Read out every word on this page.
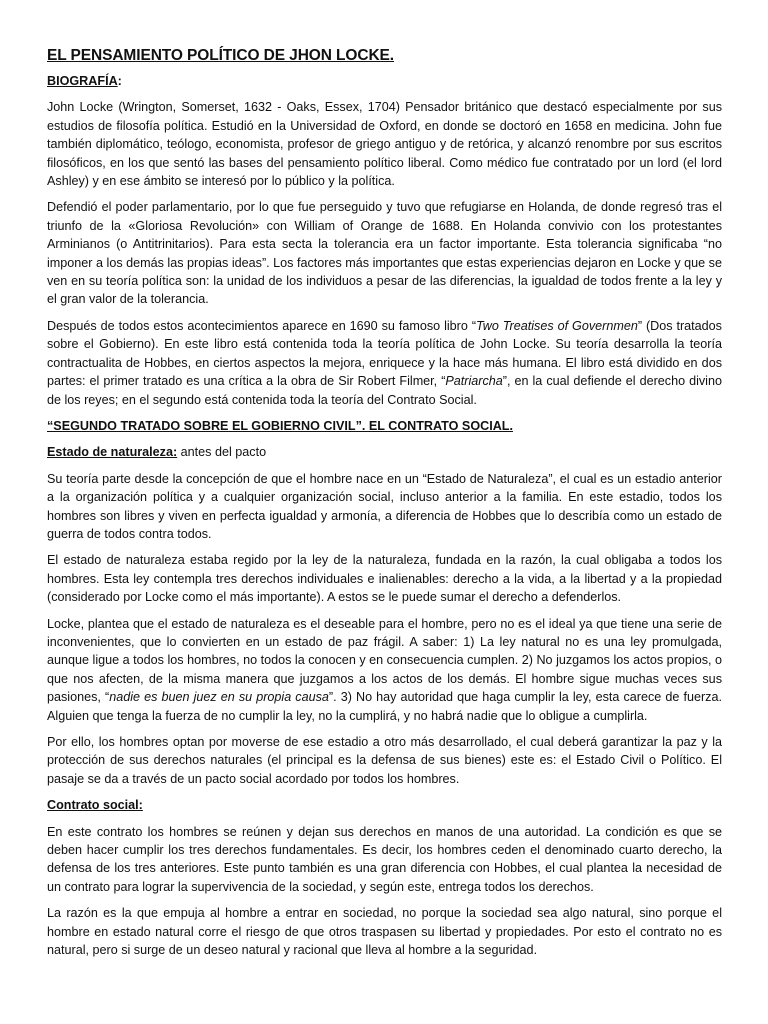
EL PENSAMIENTO POLÍTICO DE JHON LOCKE.
BIOGRAFÍA:

John Locke (Wrington, Somerset, 1632 - Oaks, Essex, 1704) Pensador británico que destacó especialmente por sus estudios de filosofía política. Estudió en la Universidad de Oxford, en donde se doctoró en 1658 en medicina. John fue también diplomático, teólogo, economista, profesor de griego antiguo y de retórica, y alcanzó renombre por sus escritos filosóficos, en los que sentó las bases del pensamiento político liberal. Como médico fue contratado por un lord (el lord Ashley) y en ese ámbito se interesó por lo público y la política.

Defendió el poder parlamentario, por lo que fue perseguido y tuvo que refugiarse en Holanda, de donde regresó tras el triunfo de la «Gloriosa Revolución» con William of Orange de 1688. En Holanda convivio con los protestantes Arminianos (o Antitrinitarios). Para esta secta la tolerancia era un factor importante. Esta tolerancia significaba “no imponer a los demás las propias ideas”. Los factores más importantes que estas experiencias dejaron en Locke y que se ven en su teoría política son: la unidad de los individuos a pesar de las diferencias, la igualdad de todos frente a la ley y el gran valor de la tolerancia.

Después de todos estos acontecimientos aparece en 1690 su famoso libro “Two Treatises of Governmen” (Dos tratados sobre el Gobierno). En este libro está contenida toda la teoría política de John Locke. Su teoría desarrolla la teoría contractualita de Hobbes, en ciertos aspectos la mejora, enriquece y la hace más humana. El libro está dividido en dos partes: el primer tratado es una crítica a la obra de Sir Robert Filmer, “Patriarcha”, en la cual defiende el derecho divino de los reyes; en el segundo está contenida toda la teoría del Contrato Social.

“SEGUNDO TRATADO SOBRE EL GOBIERNO CIVIL”. EL CONTRATO SOCIAL.
Estado de naturaleza: antes del pacto

Su teoría parte desde la concepción de que el hombre nace en un “Estado de Naturaleza”, el cual es un estadio anterior a la organización política y a cualquier organización social, incluso anterior a la familia. En este estadio, todos los hombres son libres y viven en perfecta igualdad y armonía, a diferencia de Hobbes que lo describía como un estado de guerra de todos contra todos.

El estado de naturaleza estaba regido por la ley de la naturaleza, fundada en la razón, la cual obligaba a todos los hombres. Esta ley contempla tres derechos individuales e inalienables: derecho a la vida, a la libertad y a la propiedad (considerado por Locke como el más importante). A estos se le puede sumar el derecho a defenderlos.

Locke, plantea que el estado de naturaleza es el deseable para el hombre, pero no es el ideal ya que tiene una serie de inconvenientes, que lo convierten en un estado de paz frágil. A saber: 1) La ley natural no es una ley promulgada, aunque ligue a todos los hombres, no todos la conocen y en consecuencia cumplen. 2) No juzgamos los actos propios, o que nos afecten, de la misma manera que juzgamos a los actos de los demás. El hombre sigue muchas veces sus pasiones, “nadie es buen juez en su propia causa”. 3) No hay autoridad que haga cumplir la ley, esta carece de fuerza. Alguien que tenga la fuerza de no cumplir la ley, no la cumplirá, y no habrá nadie que lo obligue a cumplirla.

Por ello, los hombres optan por moverse de ese estadio a otro más desarrollado, el cual deberá garantizar la paz y la protección de sus derechos naturales (el principal es la defensa de sus bienes) este es: el Estado Civil o Político. El pasaje se da a través de un pacto social acordado por todos los hombres.

Contrato social:

En este contrato los hombres se reúnen y dejan sus derechos en manos de una autoridad. La condición es que se deben hacer cumplir los tres derechos fundamentales. Es decir, los hombres ceden el denominado cuarto derecho, la defensa de los tres anteriores. Este punto también es una gran diferencia con Hobbes, el cual plantea la necesidad de un contrato para lograr la supervivencia de la sociedad, y según este, entrega todos los derechos.

La razón es la que empuja al hombre a entrar en sociedad, no porque la sociedad sea algo natural, sino porque el hombre en estado natural corre el riesgo de que otros traspasen su libertad y propiedades. Por esto el contrato no es natural, pero si surge de un deseo natural y racional que lleva al hombre a la seguridad.
